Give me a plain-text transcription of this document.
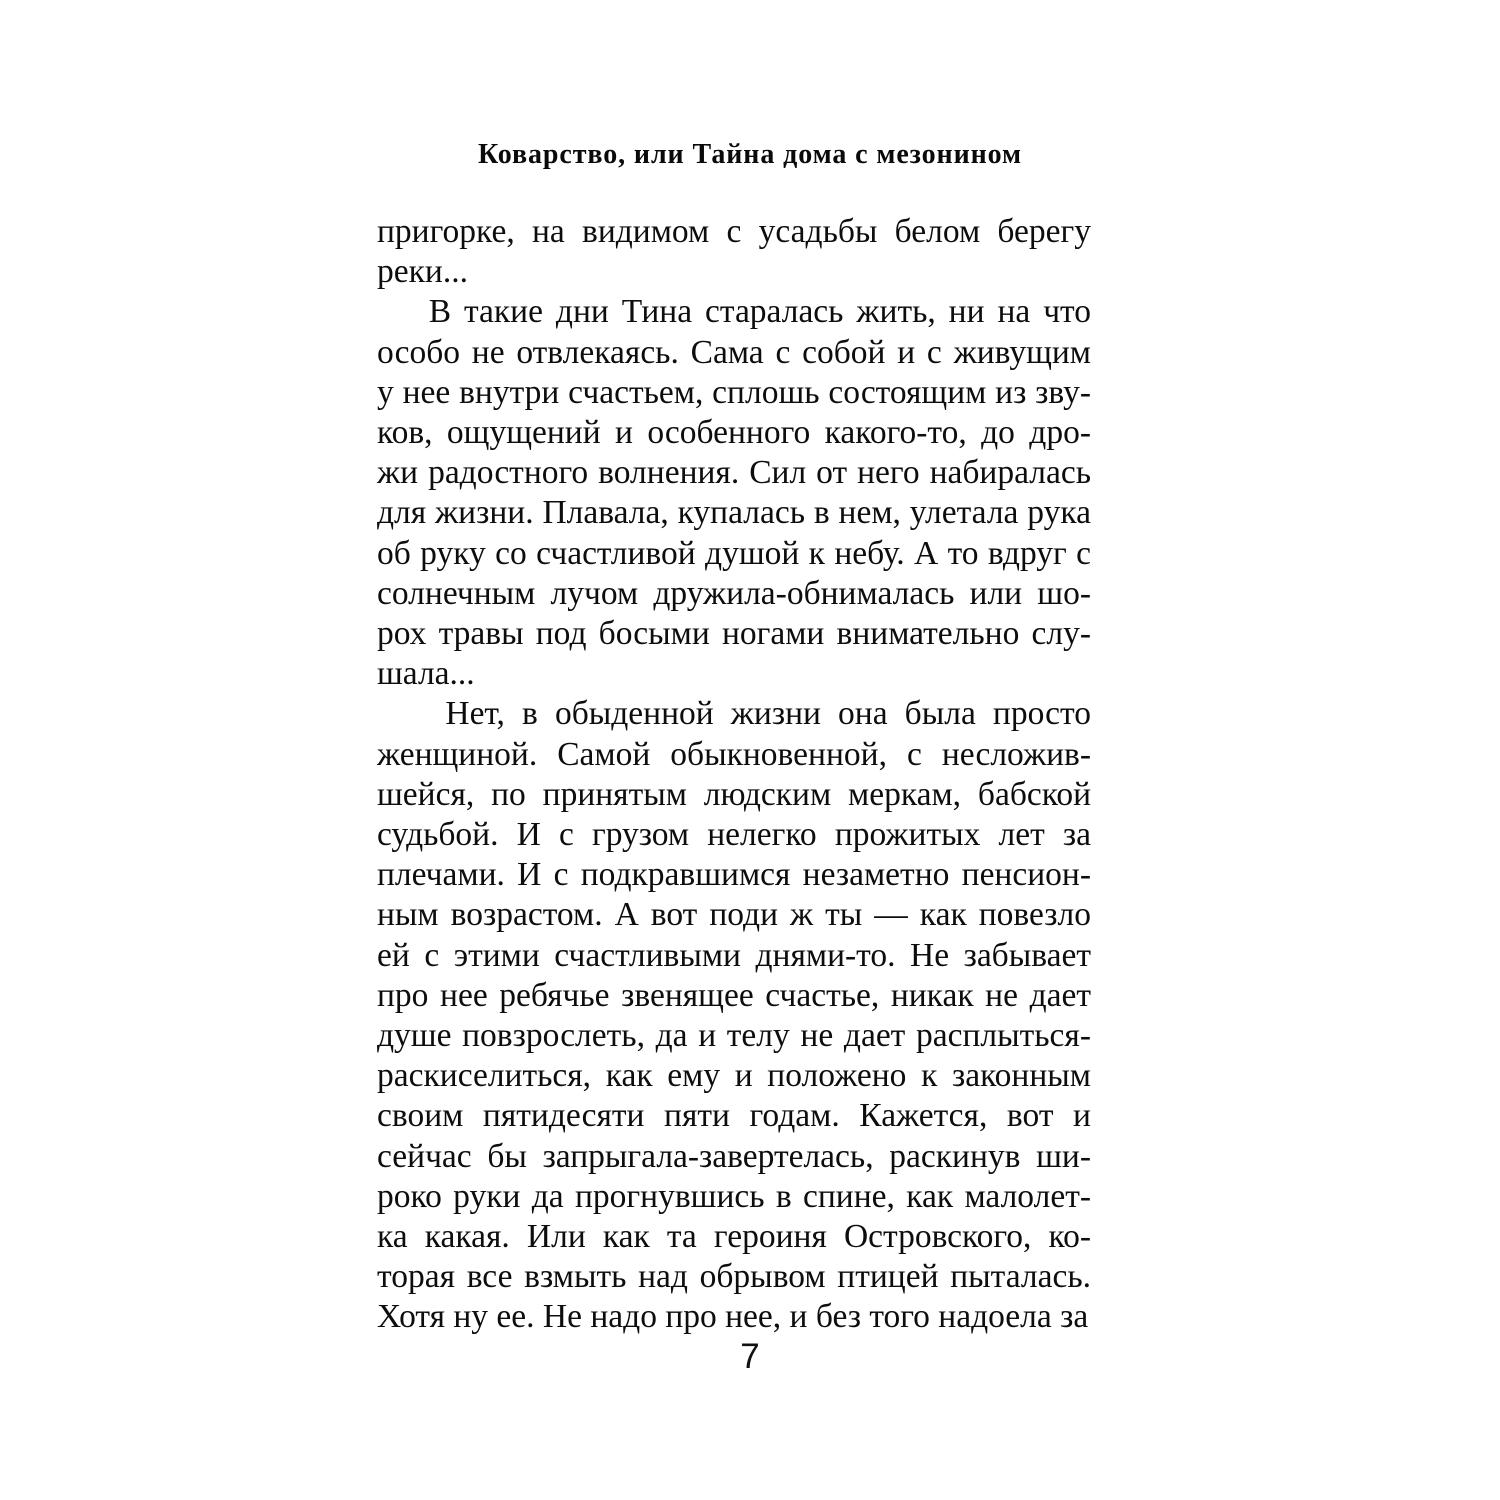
Коварство, или Тайна дома с мезонином

пригорке, на видимом с усадьбы белом берегу
реки...

В такие дни Тина старалась жить, ни на что
особо не отвлекаясь. Сама с собой и с живущим
у нее внутри счастьем, сплошь состоящим из зву-
ков, ощущений и особенного какого-то, до дро-
жи радостного волнения. Сил от него набиралась
для жизни. Плавала, купалась в нем, улетала рука
об руку со счастливой душой к небу. А то вдруг с
солнечным лучом дружила-обнималась или шо-
рох травы под босыми ногами внимательно слу-
шала...

Нет, в обыденной жизни она была просто
женщиной. Самой обыкновенной, с несложив-
шейся, по принятым людским меркам, бабской
судьбой. И с грузом нелегко прожитых лет за
плечами. И с подкравшимся незаметно пенсион-
ным возрастом. А вот поди ж ты — как повезло
ей с этими счастливыми днями-то. Не забывает
про нее ребячье звенящее счастье, никак не дает
душе повзрослеть, да и телу не дает расплыться-
раскиселиться, как ему и положено к законным
своим пятидесяти пяти годам. Кажется, вот и
сейчас бы запрыгала-завертелась, раскинув ши-
роко руки да прогнувшись в спине, как малолет-
ка какая. Или как та героиня Островского, ко-
торая все взмыть над обрывом птицей пыталась.
Хотя ну ее. Не надо про нее, и без того надоела за

7
